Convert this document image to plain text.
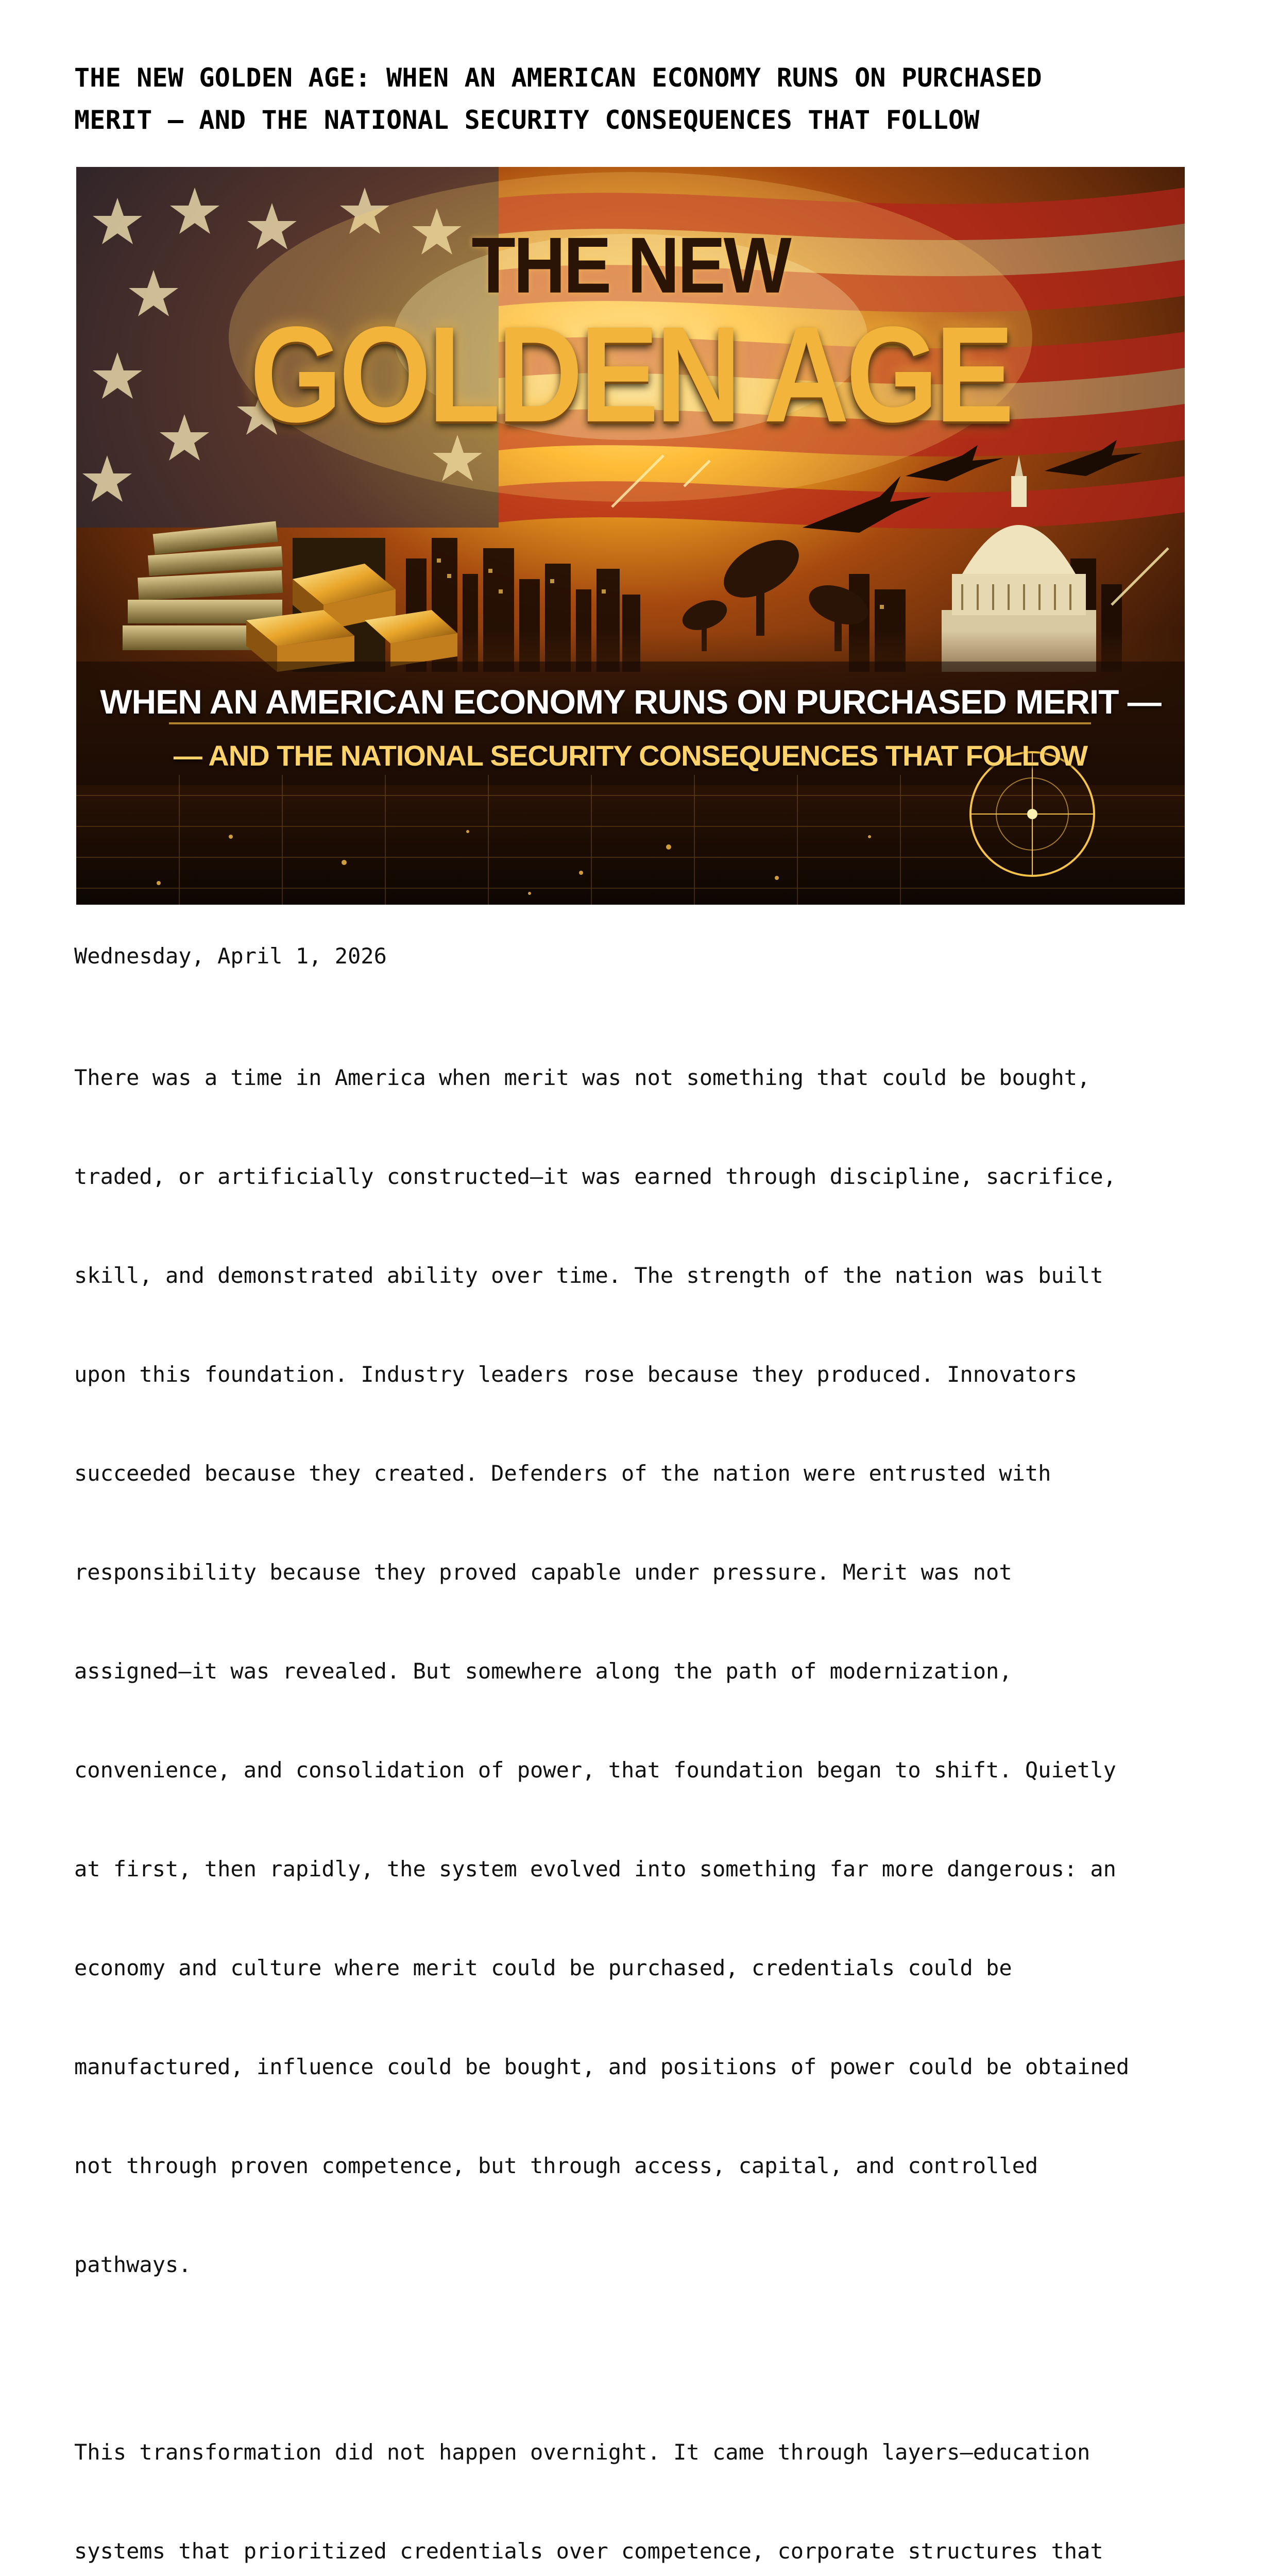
THE NEW GOLDEN AGE: WHEN AN AMERICAN ECONOMY RUNS ON PURCHASED
MERIT — AND THE NATIONAL SECURITY CONSEQUENCES THAT FOLLOW
THE NEW
GOLDEN AGE
WHEN AN AMERICAN ECONOMY RUNS ON PURCHASED MERIT —
— AND THE NATIONAL SECURITY CONSEQUENCES THAT FOLLOW
Wednesday, April 1, 2026

There was a time in America when merit was not something that could be bought,

traded, or artificially constructed—it was earned through discipline, sacrifice,

skill, and demonstrated ability over time. The strength of the nation was built

upon this foundation. Industry leaders rose because they produced. Innovators

succeeded because they created. Defenders of the nation were entrusted with

responsibility because they proved capable under pressure. Merit was not

assigned—it was revealed. But somewhere along the path of modernization,

convenience, and consolidation of power, that foundation began to shift. Quietly

at first, then rapidly, the system evolved into something far more dangerous: an

economy and culture where merit could be purchased, credentials could be

manufactured, influence could be bought, and positions of power could be obtained

not through proven competence, but through access, capital, and controlled

pathways.

This transformation did not happen overnight. It came through layers—education

systems that prioritized credentials over competence, corporate structures that
